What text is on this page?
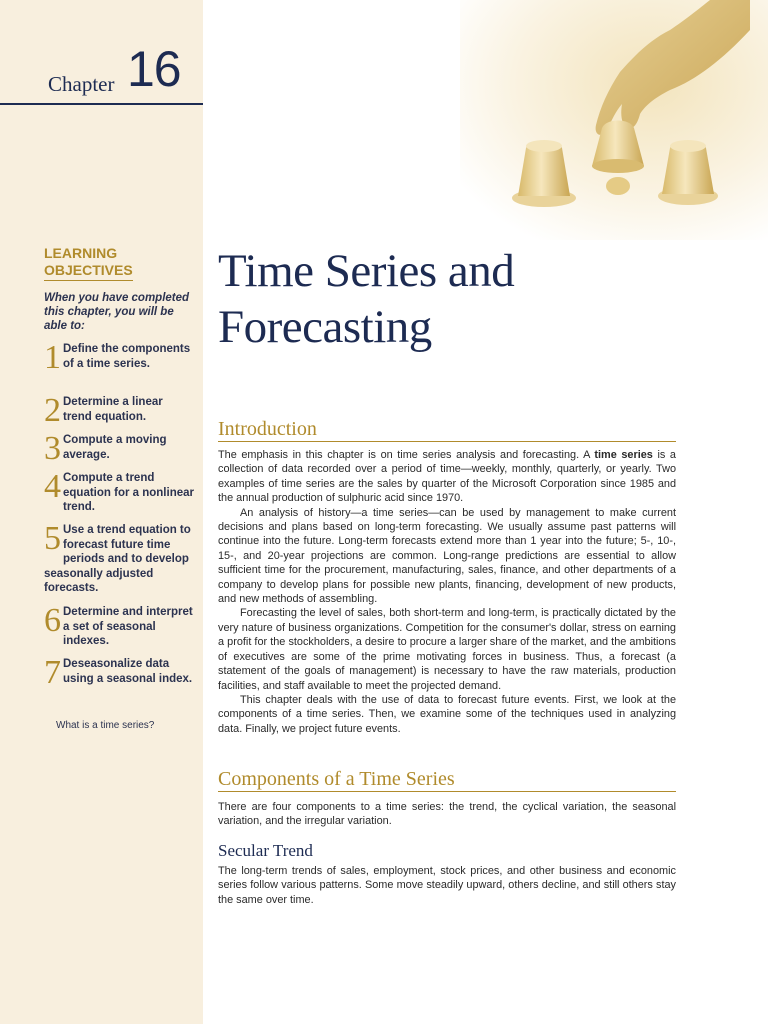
Chapter 16
LEARNING
OBJECTIVES
When you have completed this chapter, you will be able to:
1 Define the components of a time series.
2 Determine a linear trend equation.
3 Compute a moving average.
4 Compute a trend equation for a nonlinear trend.
5 Use a trend equation to forecast future time periods and to develop seasonally adjusted forecasts.
6 Determine and interpret a set of seasonal indexes.
7 Deseasonalize data using a seasonal index.
What is a time series?
Time Series and
Forecasting
Introduction

The emphasis in this chapter is on time series analysis and forecasting. A time series is a collection of data recorded over a period of time—weekly, monthly, quarterly, or yearly. Two examples of time series are the sales by quarter of the Microsoft Corporation since 1985 and the annual production of sulphuric acid since 1970.

An analysis of history—a time series—can be used by management to make current decisions and plans based on long-term forecasting. We usually assume past patterns will continue into the future. Long-term forecasts extend more than 1 year into the future; 5-, 10-, 15-, and 20-year projections are common. Long-range predictions are essential to allow sufficient time for the procurement, manufacturing, sales, finance, and other departments of a company to develop plans for possible new plants, financing, development of new products, and new methods of assembling.

Forecasting the level of sales, both short-term and long-term, is practically dictated by the very nature of business organizations. Competition for the consumer's dollar, stress on earning a profit for the stockholders, a desire to procure a larger share of the market, and the ambitions of executives are some of the prime motivating forces in business. Thus, a forecast (a statement of the goals of management) is necessary to have the raw materials, production facilities, and staff available to meet the projected demand.

This chapter deals with the use of data to forecast future events. First, we look at the components of a time series. Then, we examine some of the techniques used in analyzing data. Finally, we project future events.

Components of a Time Series
There are four components to a time series: the trend, the cyclical variation, the seasonal variation, and the irregular variation.
Secular Trend
The long-term trends of sales, employment, stock prices, and other business and economic series follow various patterns. Some move steadily upward, others decline, and still others stay the same over time.
